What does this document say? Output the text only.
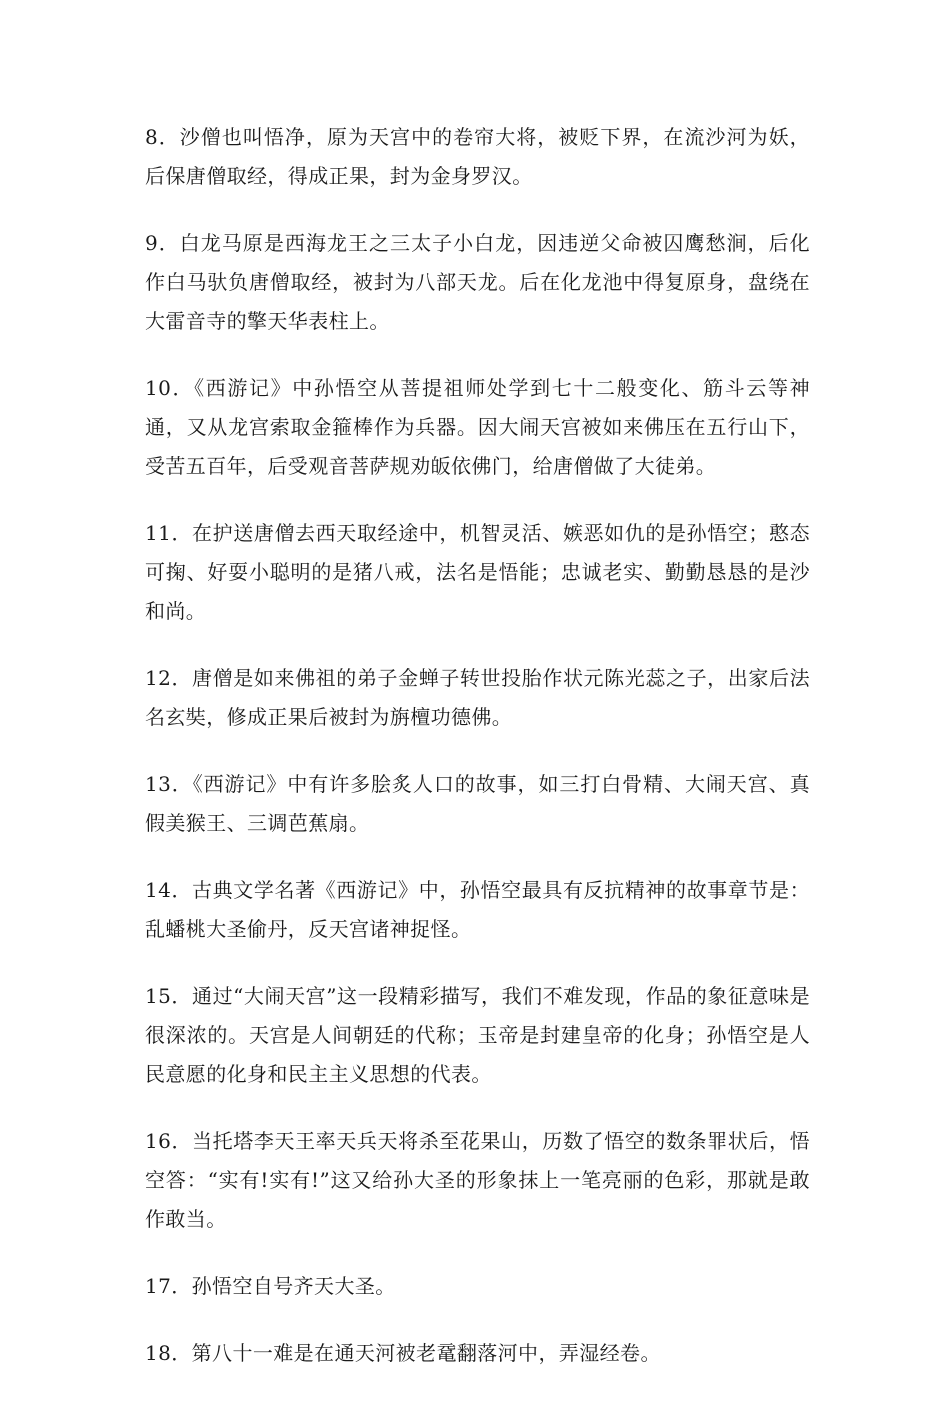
8．沙僧也叫悟净，原为天宫中的卷帘大将，被贬下界，在流沙河为妖，后保唐僧取经，得成正果，封为金身罗汉。

9．白龙马原是西海龙王之三太子小白龙，因违逆父命被囚鹰愁涧，后化作白马驮负唐僧取经，被封为八部天龙。后在化龙池中得复原身，盘绕在大雷音寺的擎天华表柱上。

10．《西游记》中孙悟空从菩提祖师处学到七十二般变化、筋斗云等神通，又从龙宫索取金箍棒作为兵器。因大闹天宫被如来佛压在五行山下，受苦五百年，后受观音菩萨规劝皈依佛门，给唐僧做了大徒弟。

11．在护送唐僧去西天取经途中，机智灵活、嫉恶如仇的是孙悟空；憨态可掬、好耍小聪明的是猪八戒，法名是悟能；忠诚老实、勤勤恳恳的是沙和尚。

12．唐僧是如来佛祖的弟子金蝉子转世投胎作状元陈光蕊之子，出家后法名玄奘，修成正果后被封为旃檀功德佛。

13．《西游记》中有许多脍炙人口的故事，如三打白骨精、大闹天宫、真假美猴王、三调芭蕉扇。

14．古典文学名著《西游记》中，孙悟空最具有反抗精神的故事章节是：乱蟠桃大圣偷丹，反天宫诸神捉怪。

15．通过“大闹天宫”这一段精彩描写，我们不难发现，作品的象征意味是很深浓的。天宫是人间朝廷的代称；玉帝是封建皇帝的化身；孙悟空是人民意愿的化身和民主主义思想的代表。

16．当托塔李天王率天兵天将杀至花果山，历数了悟空的数条罪状后，悟空答：“实有!实有!”这又给孙大圣的形象抹上一笔亮丽的色彩，那就是敢作敢当。

17．孙悟空自号齐天大圣。

18．第八十一难是在通天河被老鼋翻落河中，弄湿经卷。
